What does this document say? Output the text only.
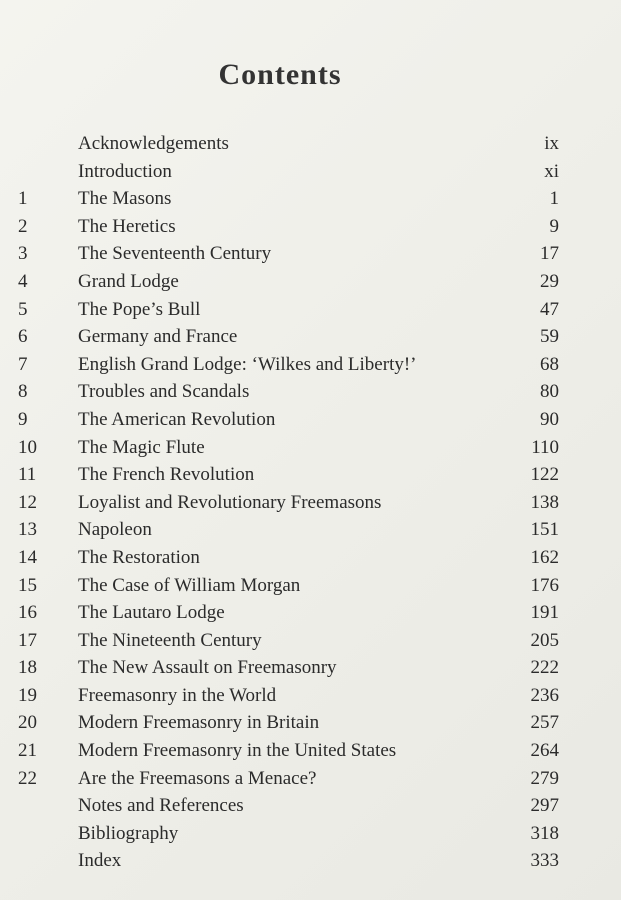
Contents
Acknowledgements	ix
Introduction	xi
1	The Masons	1
2	The Heretics	9
3	The Seventeenth Century	17
4	Grand Lodge	29
5	The Pope’s Bull	47
6	Germany and France	59
7	English Grand Lodge: ‘Wilkes and Liberty!’	68
8	Troubles and Scandals	80
9	The American Revolution	90
10	The Magic Flute	110
11	The French Revolution	122
12	Loyalist and Revolutionary Freemasons	138
13	Napoleon	151
14	The Restoration	162
15	The Case of William Morgan	176
16	The Lautaro Lodge	191
17	The Nineteenth Century	205
18	The New Assault on Freemasonry	222
19	Freemasonry in the World	236
20	Modern Freemasonry in Britain	257
21	Modern Freemasonry in the United States	264
22	Are the Freemasons a Menace?	279
Notes and References	297
Bibliography	318
Index	333
